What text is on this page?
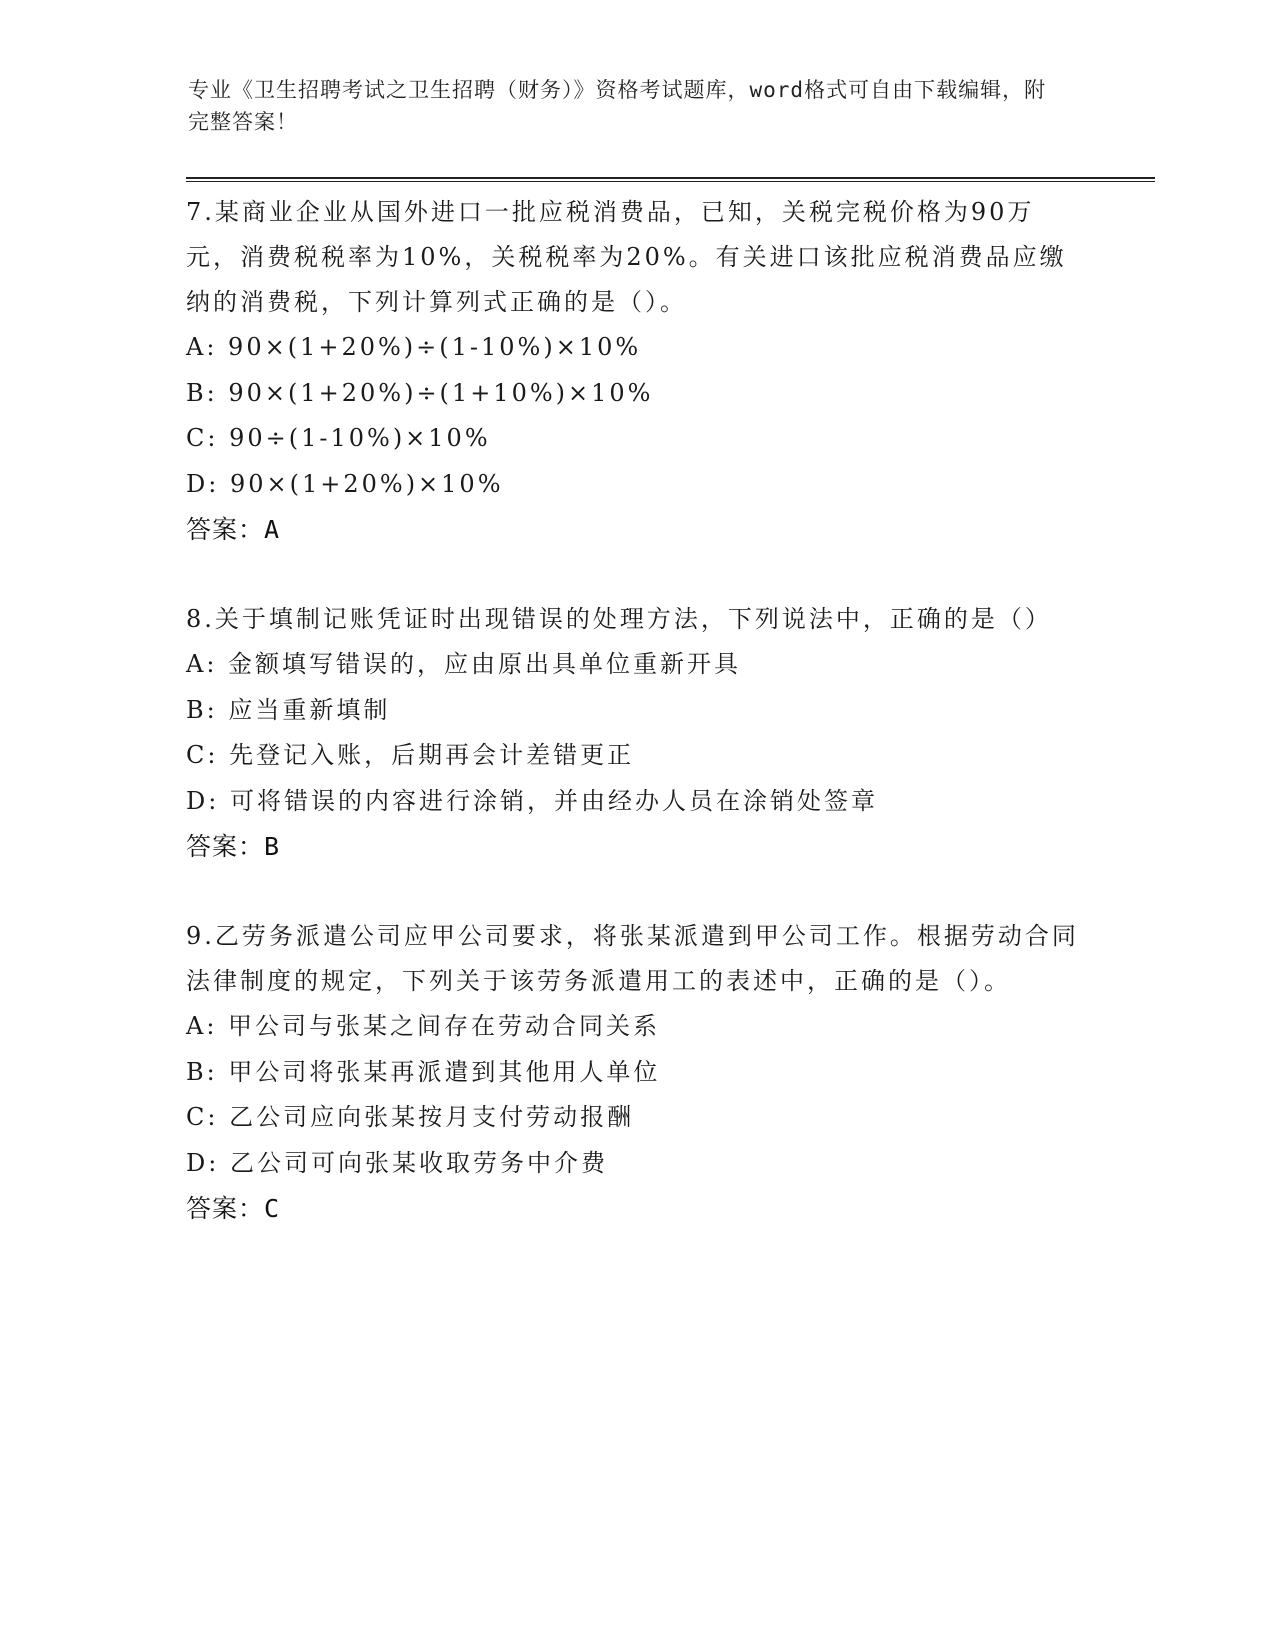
专业《卫生招聘考试之卫生招聘（财务）》资格考试题库，word格式可自由下载编辑，附完整答案！

7.某商业企业从国外进口一批应税消费品，已知，关税完税价格为90万元，消费税税率为10%，关税税率为20%。有关进口该批应税消费品应缴纳的消费税，下列计算列式正确的是（）。

A: 90×(1+20%)÷(1-10%)×10%

B: 90×(1+20%)÷(1+10%)×10%

C: 90÷(1-10%)×10%

D: 90×(1+20%)×10%

答案：A

8.关于填制记账凭证时出现错误的处理方法，下列说法中，正确的是（）

A: 金额填写错误的，应由原出具单位重新开具

B: 应当重新填制

C: 先登记入账，后期再会计差错更正

D: 可将错误的内容进行涂销，并由经办人员在涂销处签章

答案：B

9.乙劳务派遣公司应甲公司要求，将张某派遣到甲公司工作。根据劳动合同法律制度的规定，下列关于该劳务派遣用工的表述中，正确的是（）。

A: 甲公司与张某之间存在劳动合同关系

B: 甲公司将张某再派遣到其他用人单位

C: 乙公司应向张某按月支付劳动报酬

D: 乙公司可向张某收取劳务中介费

答案：C
